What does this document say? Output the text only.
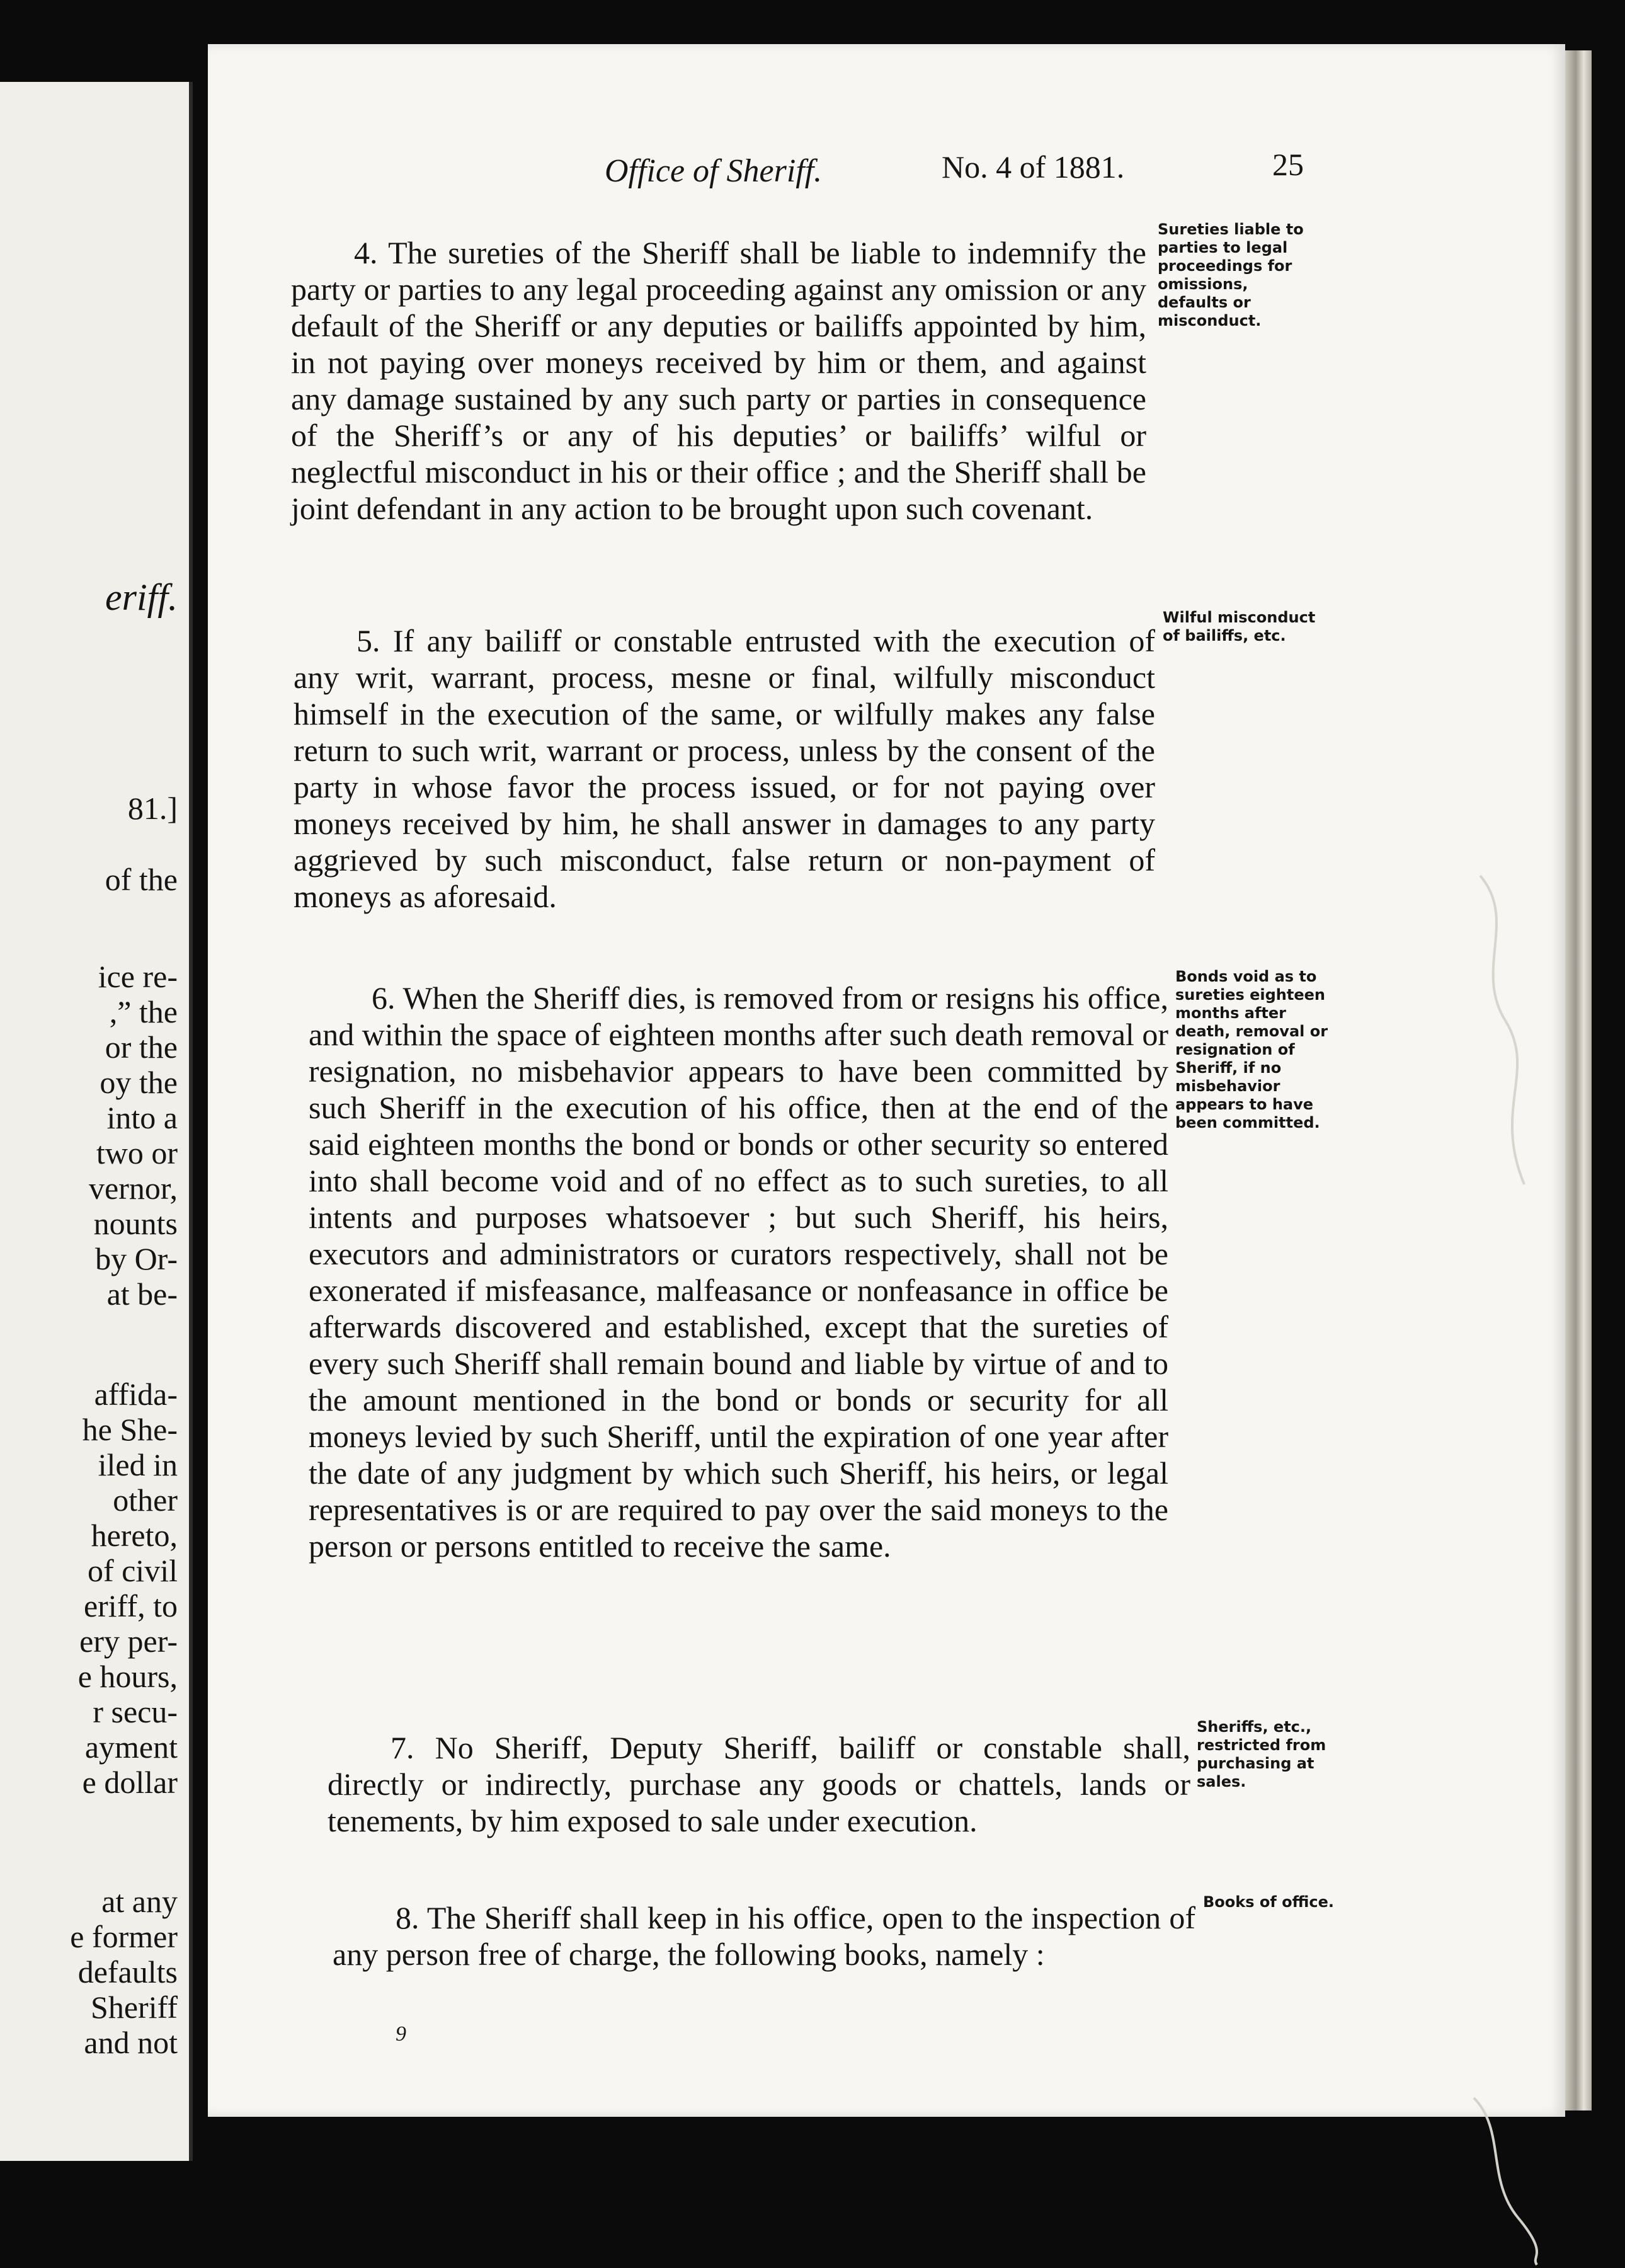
eriff.
81.]
of the
ice re-
,” the
or the
oy the
into a
two or
vernor,
nounts
by Or-
at be-
affida-
he She-
iled in
other
hereto,
of civil
eriff, to
ery per-
e hours,
r secu-
ayment
e dollar
at any
e former
defaults
Sheriff
and not
Office of Sheriff.	No. 4 of 1881.	25

4. The sureties of the Sheriff shall be liable to indemnify the party or parties to any legal proceeding against any omission or any default of the Sheriff or any deputies or bailiffs appointed by him, in not paying over moneys received by him or them, and against any damage sustained by any such party or parties in consequence of the Sheriff’s or any of his deputies’ or bailiffs’ wilful or neglectful misconduct in his or their office ; and the Sheriff shall be joint defendant in any action to be brought upon such covenant.

Sureties liable to parties to legal proceedings for omissions, defaults or misconduct.

5. If any bailiff or constable entrusted with the execution of any writ, warrant, process, mesne or final, wilfully misconduct himself in the execution of the same, or wilfully makes any false return to such writ, warrant or process, unless by the consent of the party in whose favor the process issued, or for not paying over moneys received by him, he shall answer in damages to any party aggrieved by such misconduct, false return or non-payment of moneys as aforesaid.

Wilful misconduct of bailiffs, etc.

6. When the Sheriff dies, is removed from or resigns his office, and within the space of eighteen months after such death removal or resignation, no misbehavior appears to have been committed by such Sheriff in the execution of his office, then at the end of the said eighteen months the bond or bonds or other security so entered into shall become void and of no effect as to such sureties, to all intents and purposes whatsoever ; but such Sheriff, his heirs, executors and administrators or curators respectively, shall not be exonerated if misfeasance, malfeasance or nonfeasance in office be afterwards discovered and established, except that the sureties of every such Sheriff shall remain bound and liable by virtue of and to the amount mentioned in the bond or bonds or security for all moneys levied by such Sheriff, until the expiration of one year after the date of any judgment by which such Sheriff, his heirs, or legal representatives is or are required to pay over the said moneys to the person or persons entitled to receive the same.

Bonds void as to sureties eighteen months after death, removal or resignation of Sheriff, if no misbehavior appears to have been committed.

7. No Sheriff, Deputy Sheriff, bailiff or constable shall, directly or indirectly, purchase any goods or chattels, lands or tenements, by him exposed to sale under execution.

Sheriffs, etc., restricted from purchasing at sales.

8. The Sheriff shall keep in his office, open to the inspection of any person free of charge, the following books, namely :

Books of office.
9
